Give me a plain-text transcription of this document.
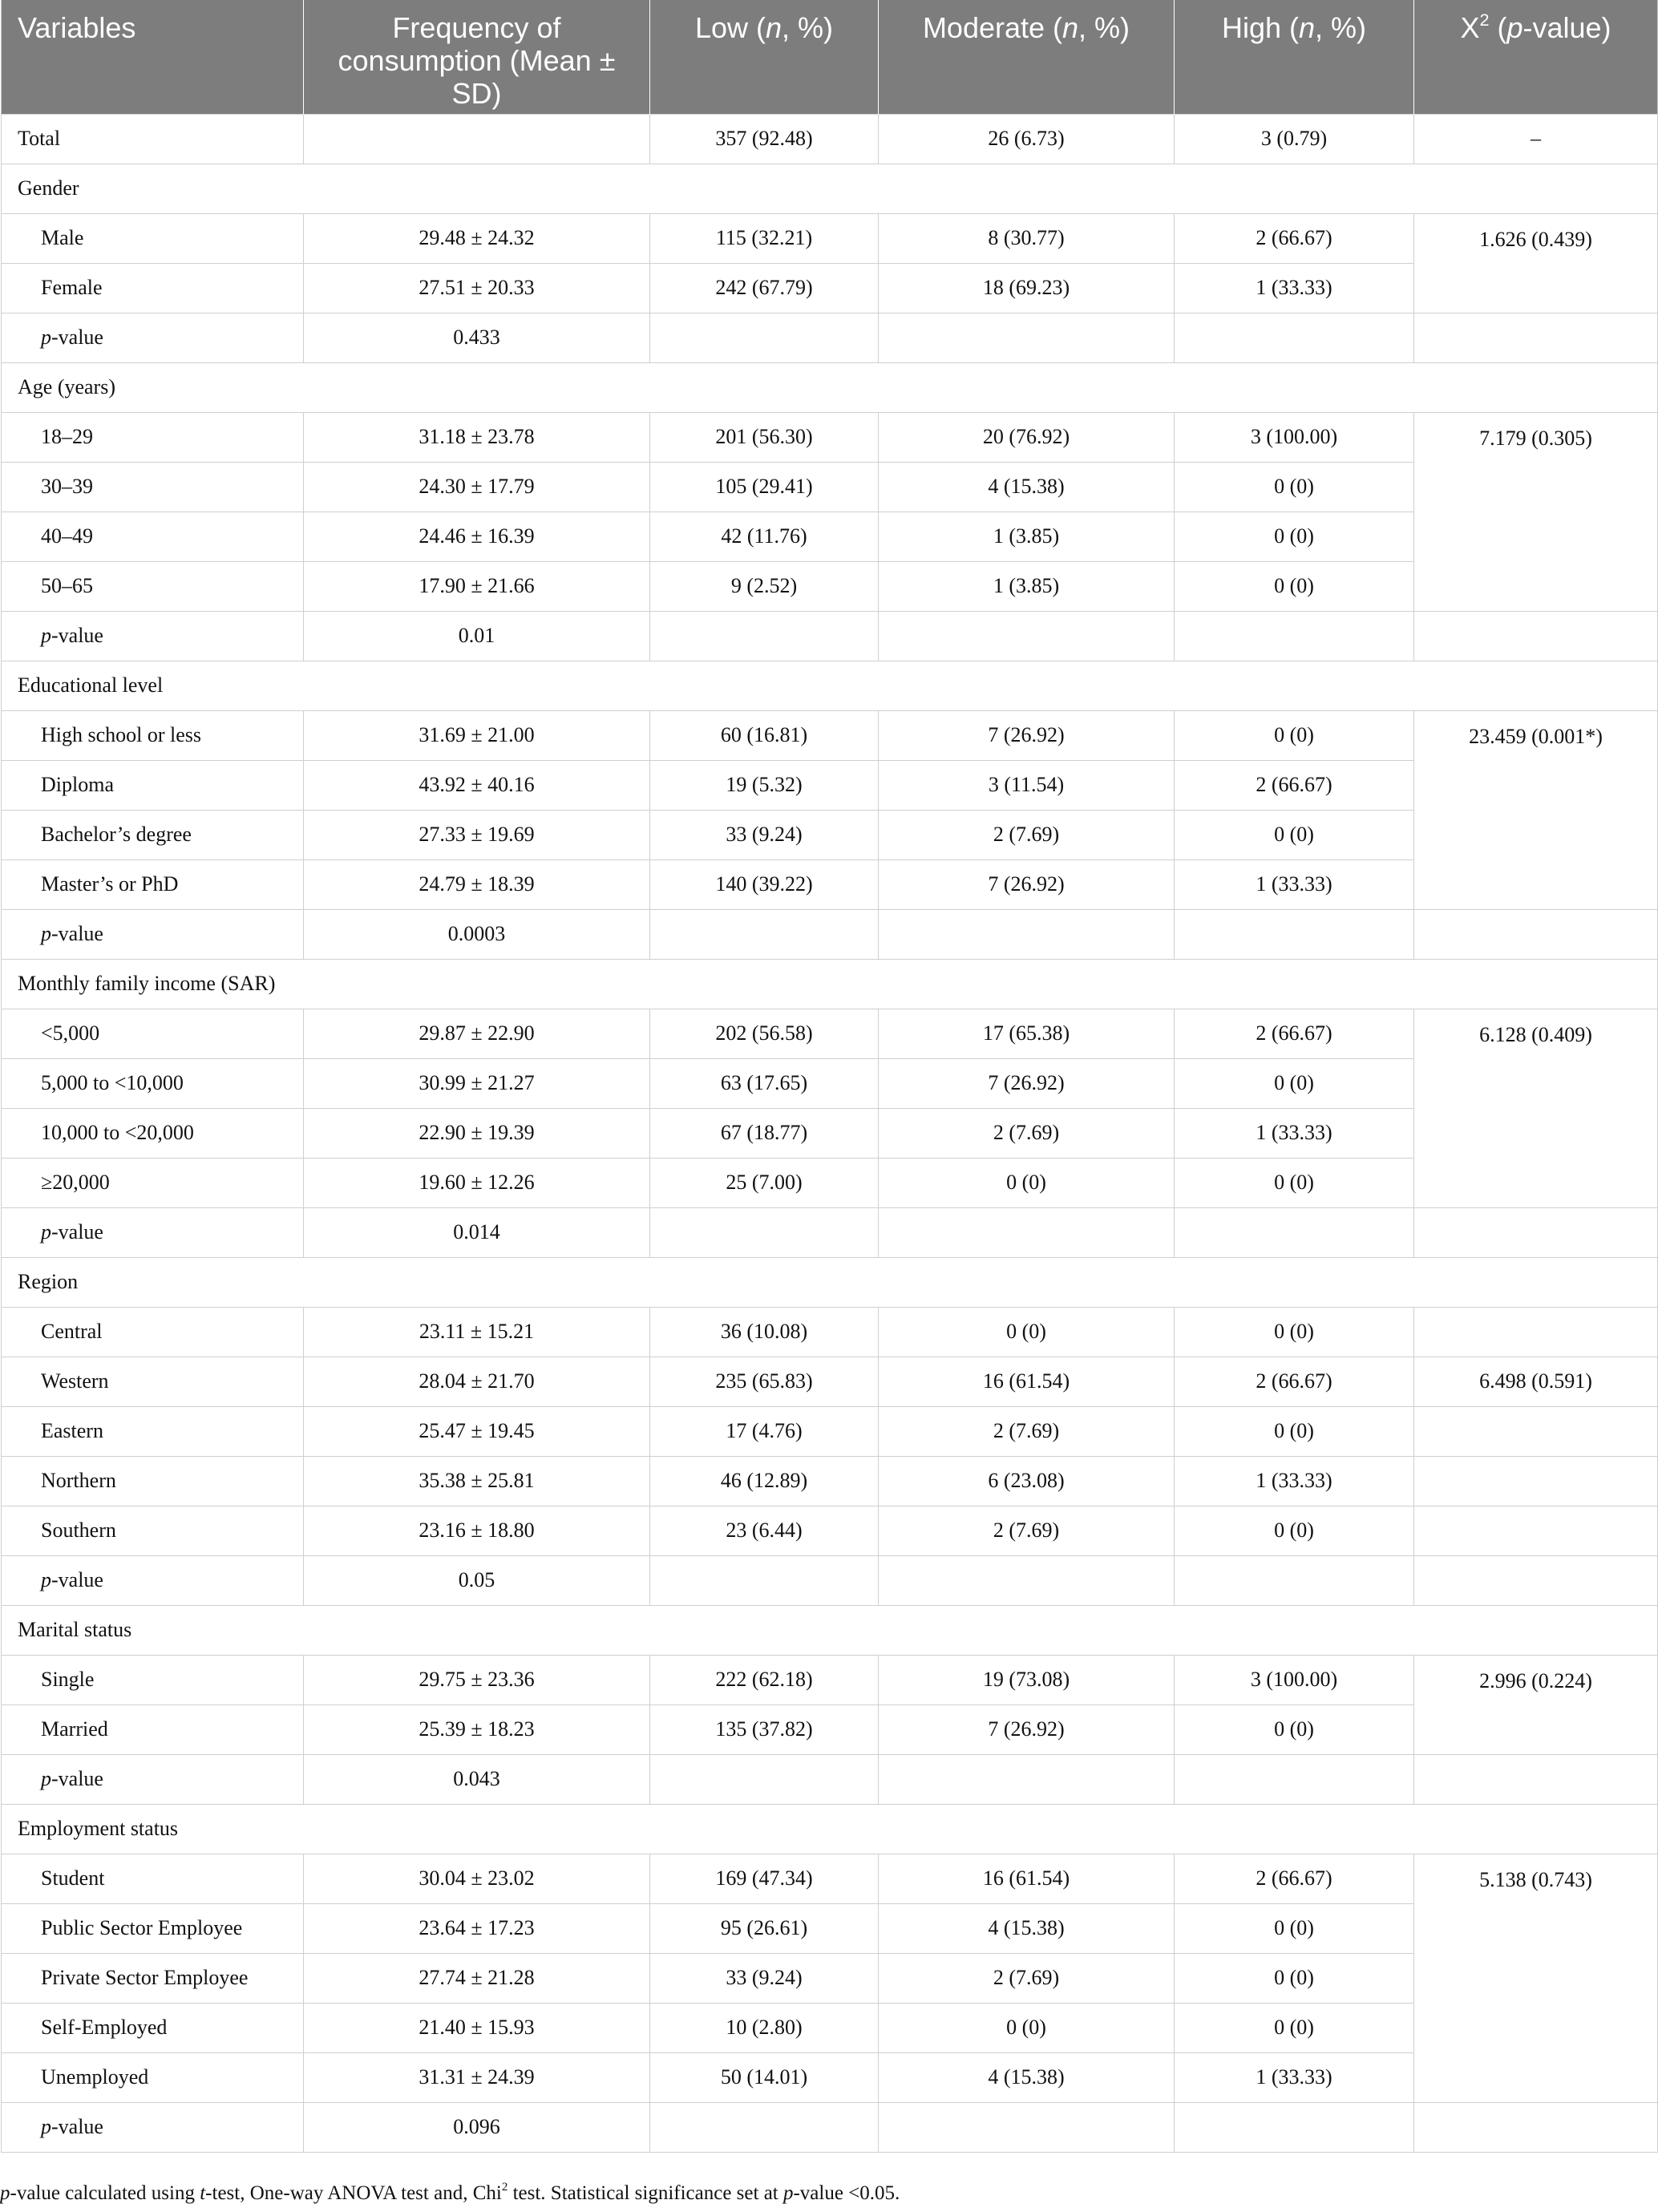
Variables	Frequency of consumption (Mean ± SD)	Low (n, %)	Moderate (n, %)	High (n, %)	$X^2$ (p-value)
Total		357 (92.48)	26 (6.73)	3 (0.79)	–
Gender					
Male	29.48 ± 24.32	115 (32.21)	8 (30.77)	2 (66.67)	1.626 (0.439)
Female	27.51 ± 20.33	242 (67.79)	18 (69.23)	1 (33.33)	
p-value	0.433				
Age (years)					
18–29	31.18 ± 23.78	201 (56.30)	20 (76.92)	3 (100.00)	7.179 (0.305)
30–39	24.30 ± 17.79	105 (29.41)	4 (15.38)	0 (0)	
40–49	24.46 ± 16.39	42 (11.76)	1 (3.85)	0 (0)	
50–65	17.90 ± 21.66	9 (2.52)	1 (3.85)	0 (0)	
p-value	0.01				
Educational level					
High school or less	31.69 ± 21.00	60 (16.81)	7 (26.92)	0 (0)	23.459 (0.001*)
Diploma	43.92 ± 40.16	19 (5.32)	3 (11.54)	2 (66.67)	
Bachelor’s degree	27.33 ± 19.69	33 (9.24)	2 (7.69)	0 (0)	
Master’s or PhD	24.79 ± 18.39	140 (39.22)	7 (26.92)	1 (33.33)	
p-value	0.0003				
Monthly family income (SAR)					
<5,000	29.87 ± 22.90	202 (56.58)	17 (65.38)	2 (66.67)	6.128 (0.409)
5,000 to <10,000	30.99 ± 21.27	63 (17.65)	7 (26.92)	0 (0)	
10,000 to <20,000	22.90 ± 19.39	67 (18.77)	2 (7.69)	1 (33.33)	
≥20,000	19.60 ± 12.26	25 (7.00)	0 (0)	0 (0)	
p-value	0.014				
Region					
Central	23.11 ± 15.21	36 (10.08)	0 (0)	0 (0)	
Western	28.04 ± 21.70	235 (65.83)	16 (61.54)	2 (66.67)	6.498 (0.591)
Eastern	25.47 ± 19.45	17 (4.76)	2 (7.69)	0 (0)	
Northern	35.38 ± 25.81	46 (12.89)	6 (23.08)	1 (33.33)	
Southern	23.16 ± 18.80	23 (6.44)	2 (7.69)	0 (0)	
p-value	0.05				
Marital status					
Single	29.75 ± 23.36	222 (62.18)	19 (73.08)	3 (100.00)	2.996 (0.224)
Married	25.39 ± 18.23	135 (37.82)	7 (26.92)	0 (0)	
p-value	0.043				
Employment status					
Student	30.04 ± 23.02	169 (47.34)	16 (61.54)	2 (66.67)	5.138 (0.743)
Public Sector Employee	23.64 ± 17.23	95 (26.61)	4 (15.38)	0 (0)	
Private Sector Employee	27.74 ± 21.28	33 (9.24)	2 (7.69)	0 (0)	
Self-Employed	21.40 ± 15.93	10 (2.80)	0 (0)	0 (0)	
Unemployed	31.31 ± 24.39	50 (14.01)	4 (15.38)	1 (33.33)	
p-value	0.096				
p-value calculated using t-test, One-way ANOVA test and, Chi$^2$ test. Statistical significance set at p-value <0.05.
